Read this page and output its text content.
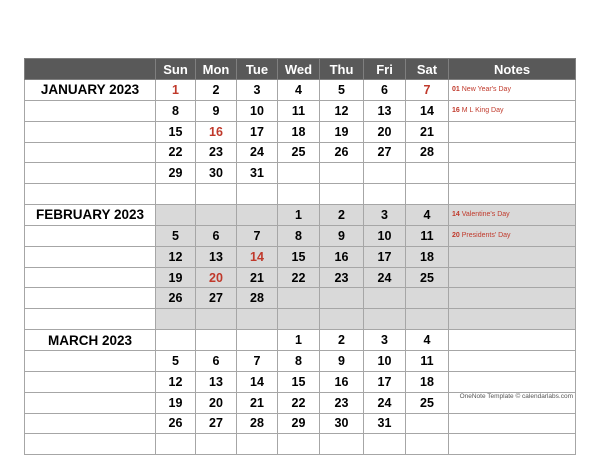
	Sun	Mon	Tue	Wed	Thu	Fri	Sat	Notes
JANUARY 2023	1	2	3	4	5	6	7	01 New Year's Day
	8	9	10	11	12	13	14	16 M L King Day
	15	16	17	18	19	20	21	
	22	23	24	25	26	27	28	
	29	30	31					

FEBRUARY 2023				1	2	3	4	14 Valentine's Day
	5	6	7	8	9	10	11	20 Presidents' Day
	12	13	14	15	16	17	18	
	19	20	21	22	23	24	25	
	26	27	28					

MARCH 2023				1	2	3	4	
	5	6	7	8	9	10	11	
	12	13	14	15	16	17	18	
	19	20	21	22	23	24	25	
	26	27	28	29	30	31		

OneNote Template © calendarlabs.com
